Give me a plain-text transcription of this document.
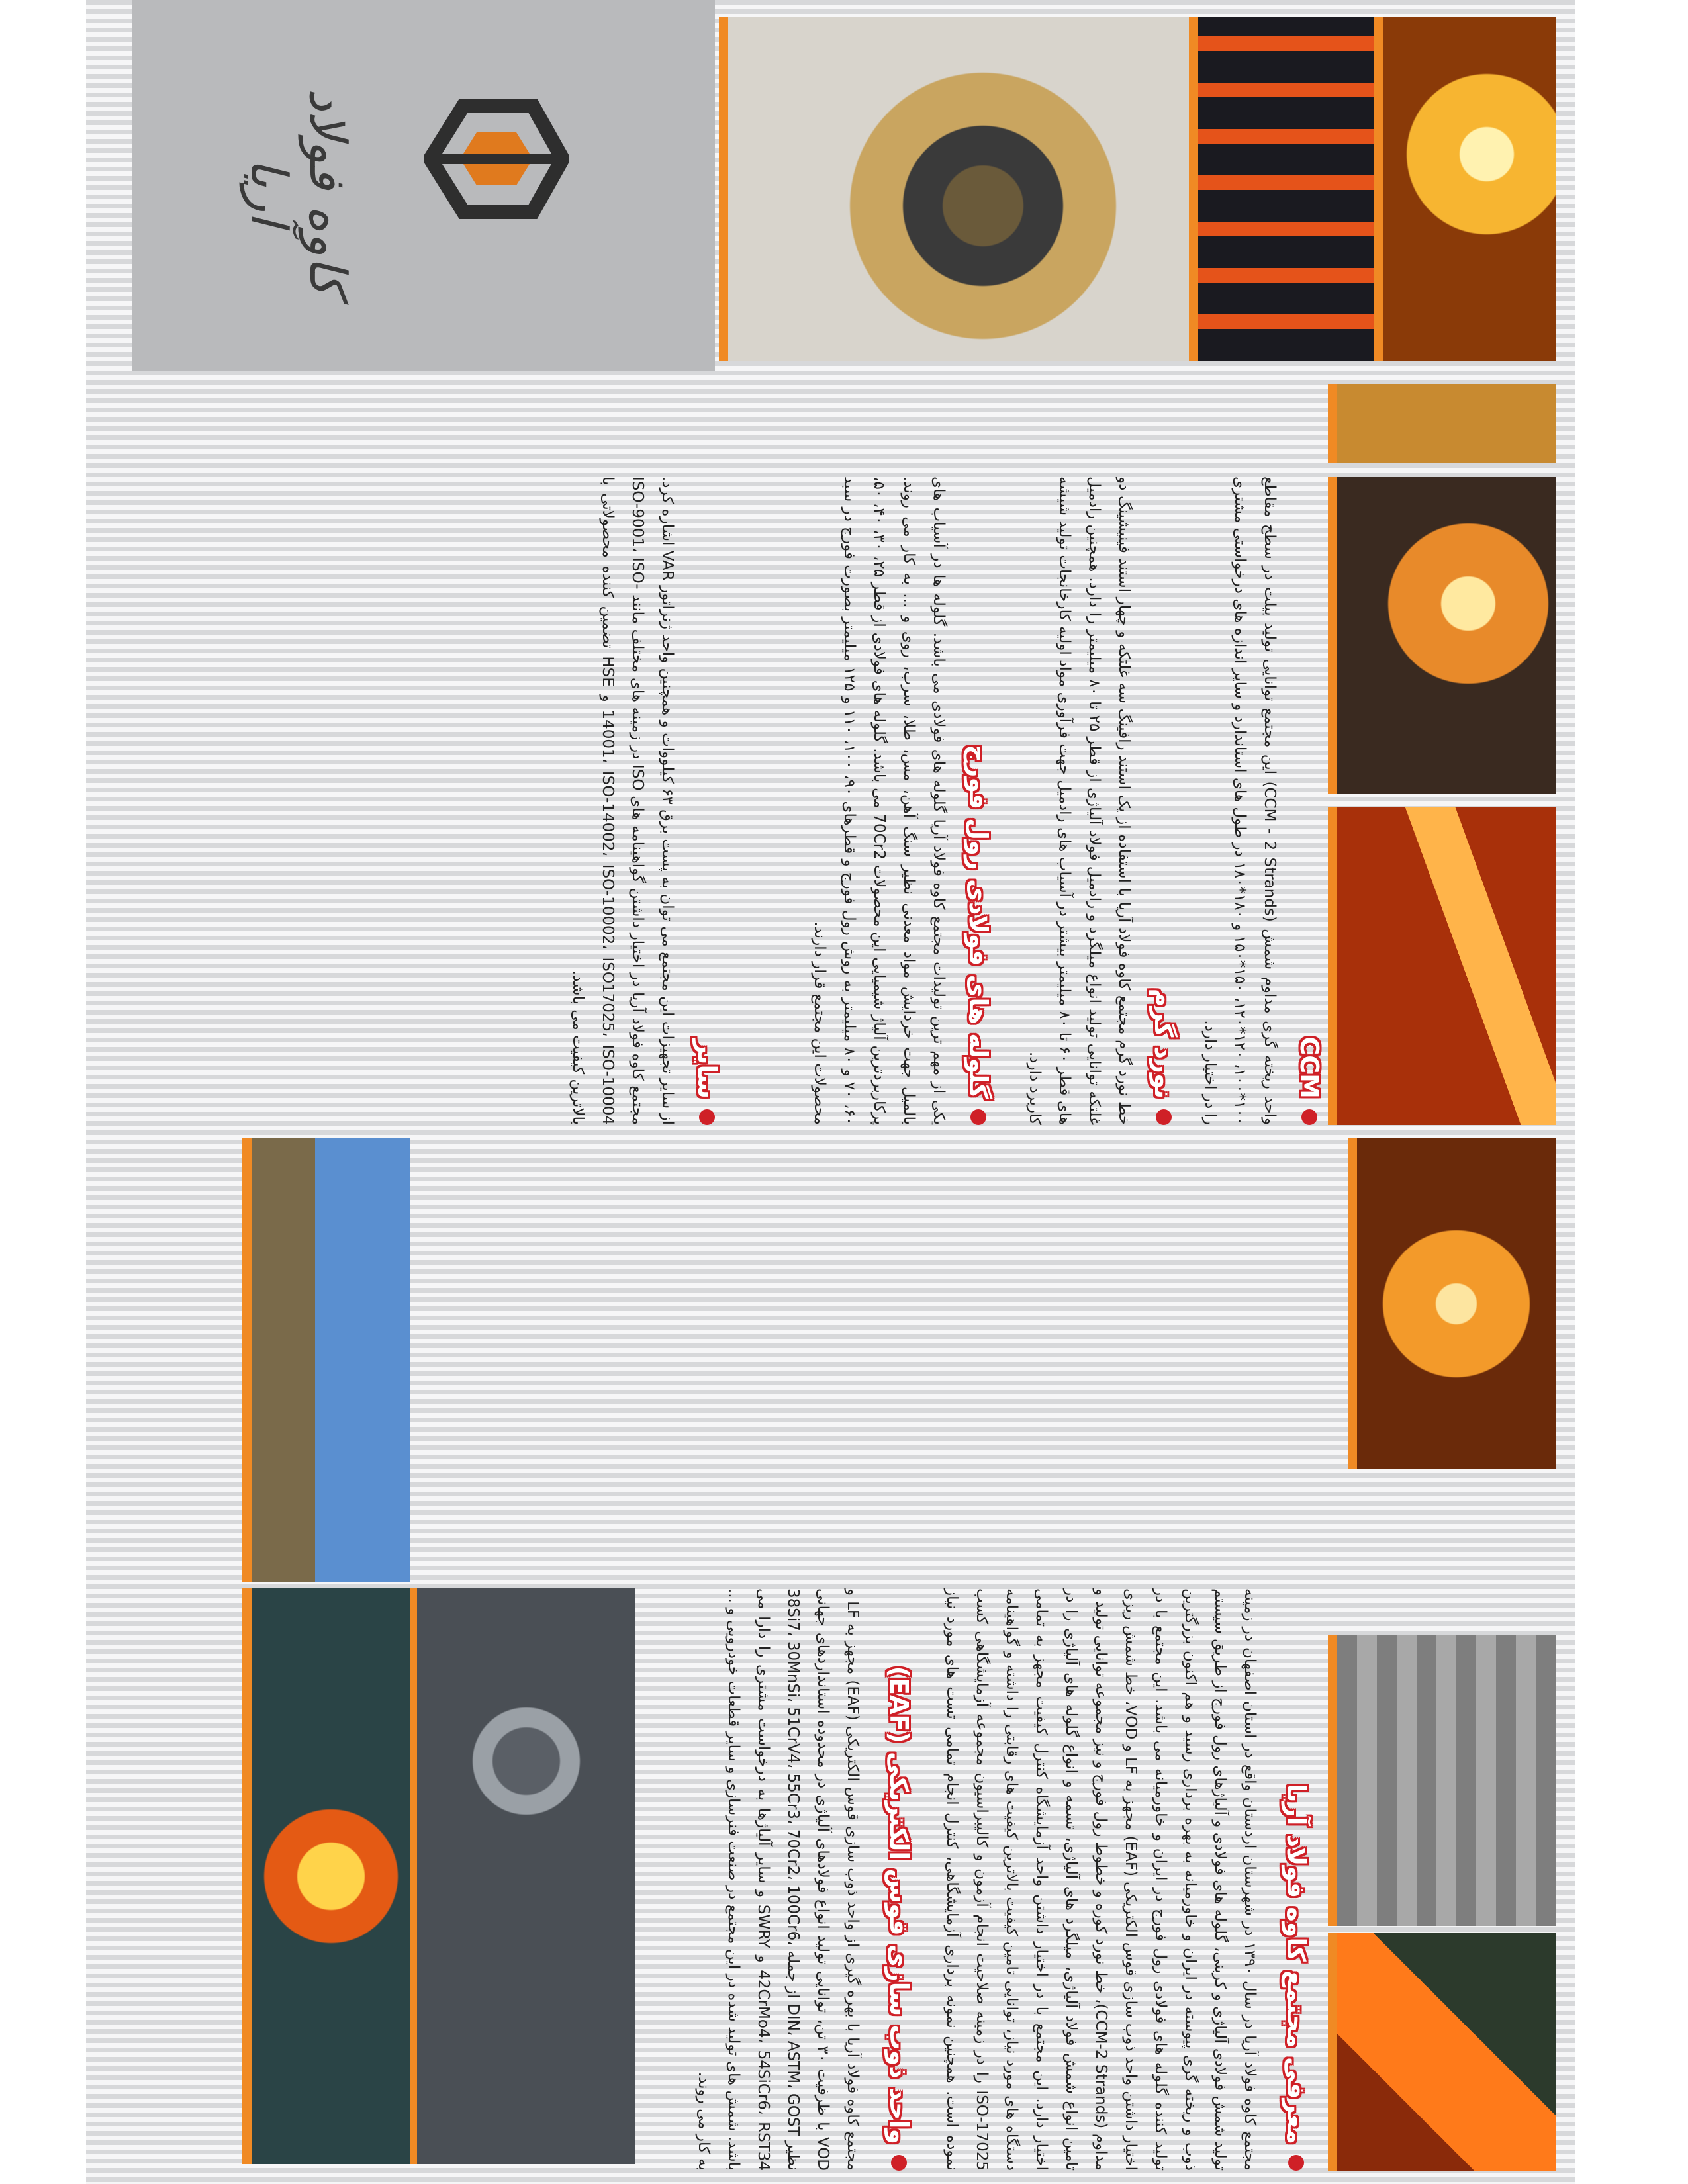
کاوه فولاد آریا
معرفی مجتمع کاوه فولاد آریا
مجتمع کاوه فولاد آریا در سال ۱۳۹۰ در شهرستان اردستان واقع در استان اصفهان در زمینه تولید شمش فولادی آلیاژی و کربنی، گلوله های فولادی و آلیاژهای رول فورج از طریق سیستم ذوب و ریخته گری پیوسته در ایران و خاورمیانه به بهره برداری رسید و هم اکنون بزرگترین تولید کننده گلوله های فولادی رول فورج در ایران و خاورمیانه می باشد. این مجتمع با در اختیار داشتن واحد ذوب سازی قوس الکتریکی (EAF) مجهز به LF و VOD، خط شمش ریزی مداوم (CCM-2 Strands)، خط نورد کوره و خطوط رول فورج و نیز مجموعه توانایی تولید و تامین انواع شمش فولاد آلیاژی، میلگرد های آلیاژی، تسمه و انواع گلوله های آلیاژی را در اختیار دارد. این مجتمع با در اختیار داشتن واحد آزمایشگاه کنترل کیفیت مجهز به تمامی دستگاه های مورد نیاز، توانایی تامین کیفیت بالاترین کیفیت های رقابتی را داشته و گواهینامه ISO-17025 را در زمینه صلاحیت انجام آزمون و کالیبراسیون مجموعه آزمایشگاهی کسب نموده است. همچنین نمونه برداری آزمایشگاهی، کنترل انجام تمامی تست های مورد نیاز
واحد ذوب سازی قوس الکتریکی (EAF)
مجتمع کاوه فولاد آریا با بهره گیری از واحد ذوب سازی قوس الکتریکی (EAF) مجهز به LF و VOD با ظرفیت ۳۰ تن، توانایی تولید انواع فولادهای آلیاژی در محدوده استانداردهای جهانی نظیر DIN، ASTM، GOST از جمله 38Si7، 30MnSi، 51CrV4، 55Cr3، 70Cr2، 100Cr6، 42CrMo4، 54SiCr6، RST34 و SWRY و سایر آلیاژها به درخواست مشتری را دارا می باشد. شمش های تولید شده در این مجتمع در صنعت فنرسازی و سایر قطعات خودرویی و ... به کار می روند.
CCM
واحد ریخته گری مداوم شمش (CCM - 2 Strands) این مجتمع توانایی تولید بیلت در سطح مقاطع ۱۰۰*۱۰۰، ۱۲۰*۱۲۰، ۱۵۰*۱۵۰ و ۱۸۰*۱۸۰ در طول های استاندارد و سایر اندازه های درخواستی مشتری را در اختیار دارد.
نورد گرم
خط نورد گرم مجتمع کاوه فولاد آریا با استفاده از یک استند رافینگ سه غلتکه و چهار استند فینیشینگ دو غلتکه توانایی تولید انواع میلگرد و رادمیل فولاد آلیاژی از قطر ۲۵ تا ۸۰ میلیمتر را دارد. همچنین رادمیل های قطر ۶۰ تا ۸۰ میلیمتر بیشتر در آسیاب های رادمیل جهت فرآوری مواد اولیه کارخانجات تولید شیشه کاربرد دارد.
گلوله های فولادی رول فورج
یکی از مهم ترین تولیدات مجتمع کاوه فولاد آریا گلوله های فولادی می باشد. گلوله ها در آسیاب های بالمیل جهت خردایش مواد معدنی نظیر سنگ آهن، مس، طلا، سرب، روی و ... به کار می روند. پرکاربردترین آلیاژ شیمیایی این محصولات 70Cr2 می باشد. گلوله های فولادی از قطر ۲۵، ۳۰، ۴۰، ۵۰، ۶۰، ۷۰ و ۸۰ میلیمتر به روش رول فورج و قطرهای ۹۰، ۱۰۰، ۱۱۰ و ۱۲۵ میلیمتر بصورت فورج در سبد محصولات این مجتمع قرار دارند.
سایر
از سایر تجهیزات این مجتمع می توان به پست برق ۶۳ کیلووات و همچنین واحد ژنراتور VAR اشاره کرد. مجتمع کاوه فولاد آریا در اختیار داشتن گواهینامه های ISO در زمینه های مختلف مانند ISO-9001، ISO-14001، ISO-14002، ISO-10002، ISO17025، ISO-10004 و HSE تضمین کننده محصولاتی با بالاترین کیفیت می باشد.
